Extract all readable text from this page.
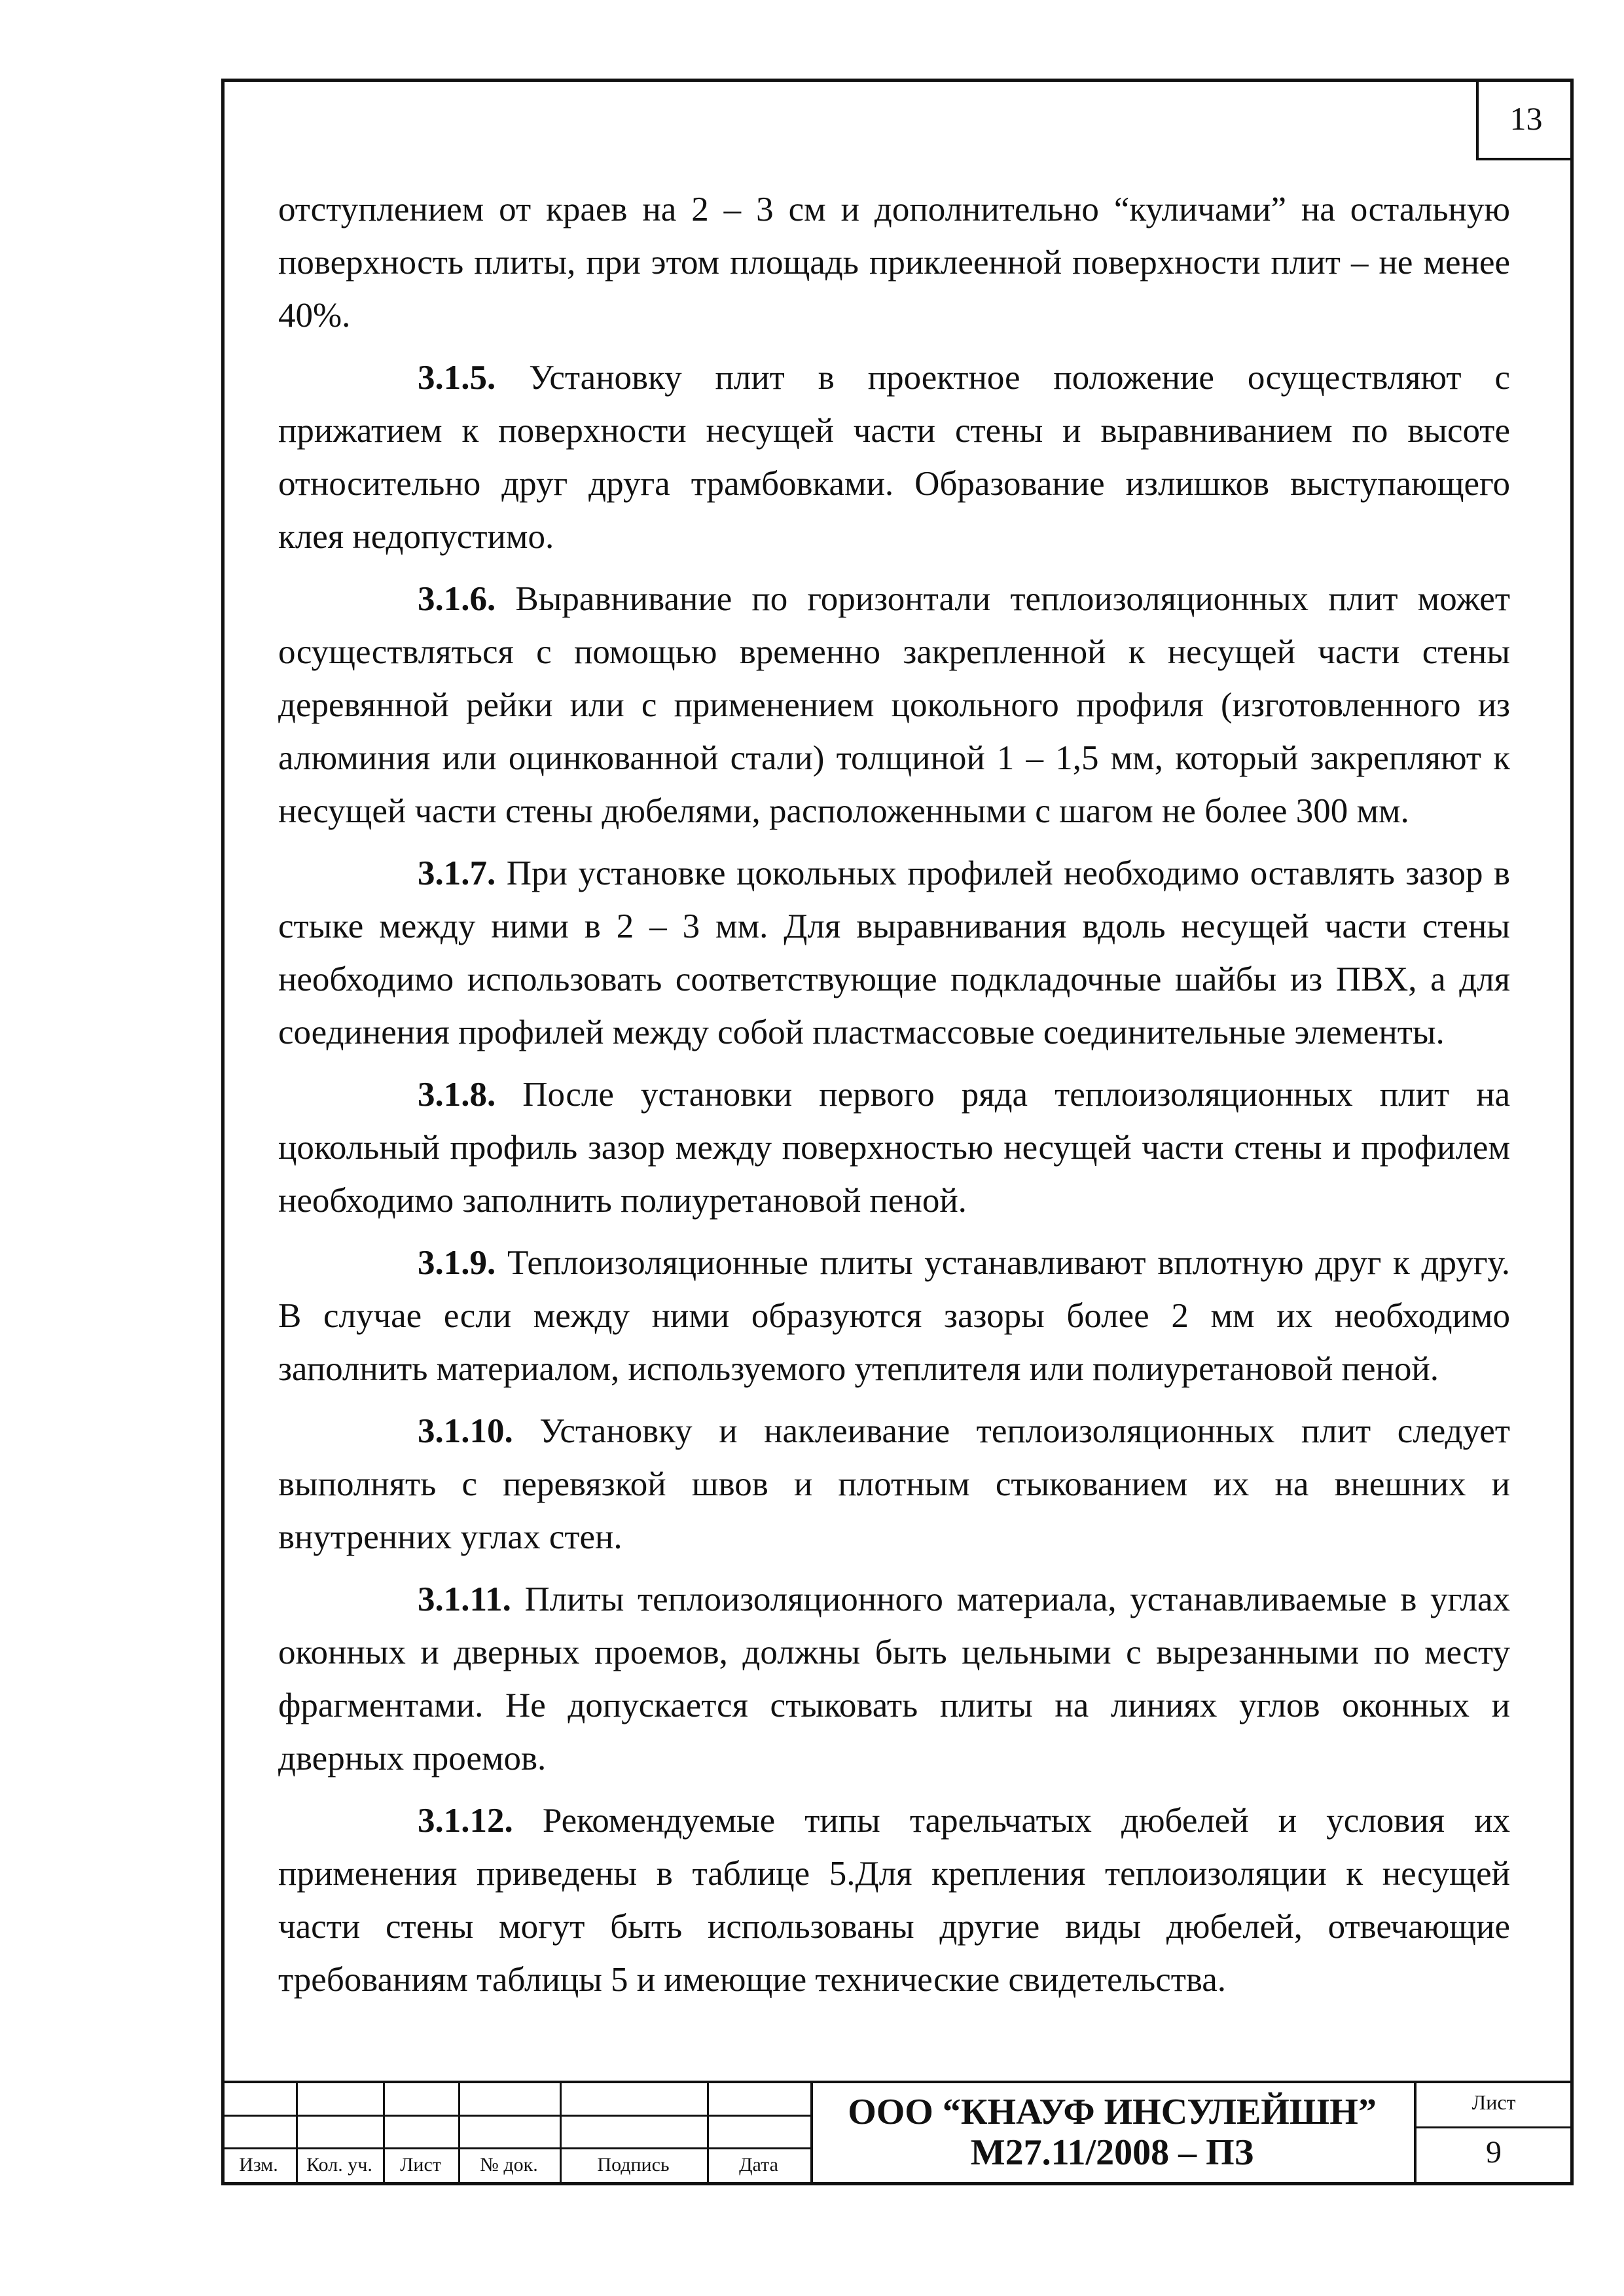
13

отступлением от краев на 2 – 3 см и дополнительно “куличами” на остальную поверхность плиты, при этом площадь приклеенной поверхности плит – не менее 40%.

3.1.5. Установку плит в проектное положение осуществляют с прижатием к поверхности несущей части стены и выравниванием по высоте относительно друг друга трамбовками. Образование излишков выступающего клея недопустимо.

3.1.6. Выравнивание по горизонтали теплоизоляционных плит может осуществляться с помощью временно закрепленной к несущей части стены деревянной рейки или с применением цокольного профиля (изготовленного из алюминия или оцинкованной стали) толщиной 1 – 1,5 мм, который закрепляют к несущей части стены дюбелями, расположенными с шагом не более 300 мм.

3.1.7. При установке цокольных профилей необходимо оставлять зазор в стыке между ними в 2 – 3 мм. Для выравнивания вдоль несущей части стены необходимо использовать соответствующие подкладочные шайбы из ПВХ, а для соединения профилей между собой пластмассовые соединительные элементы.

3.1.8. После установки первого ряда теплоизоляционных плит на цокольный профиль зазор между поверхностью несущей части стены и профилем необходимо заполнить полиуретановой пеной.

3.1.9. Теплоизоляционные плиты устанавливают вплотную друг к другу. В случае если между ними образуются зазоры более 2 мм их необходимо заполнить материалом, используемого утеплителя или полиуретановой пеной.

3.1.10. Установку и наклеивание теплоизоляционных плит следует выполнять с перевязкой швов и плотным стыкованием их на внешних и внутренних углах стен.

3.1.11. Плиты теплоизоляционного материала, устанавливаемые в углах оконных и дверных проемов, должны быть цельными с вырезанными по месту фрагментами. Не допускается стыковать плиты на линиях углов оконных и дверных проемов.

3.1.12. Рекомендуемые типы тарельчатых дюбелей и условия их применения приведены в таблице 5.Для крепления теплоизоляции к несущей части стены могут быть использованы другие виды дюбелей, отвечающие требованиям таблицы 5 и имеющие технические свидетельства.

Изм.	Кол. уч.	Лист	№ док.	Подпись	Дата
ООО “КНАУФ ИНСУЛЕЙШН”
М27.11/2008 – ПЗ
Лист
9
